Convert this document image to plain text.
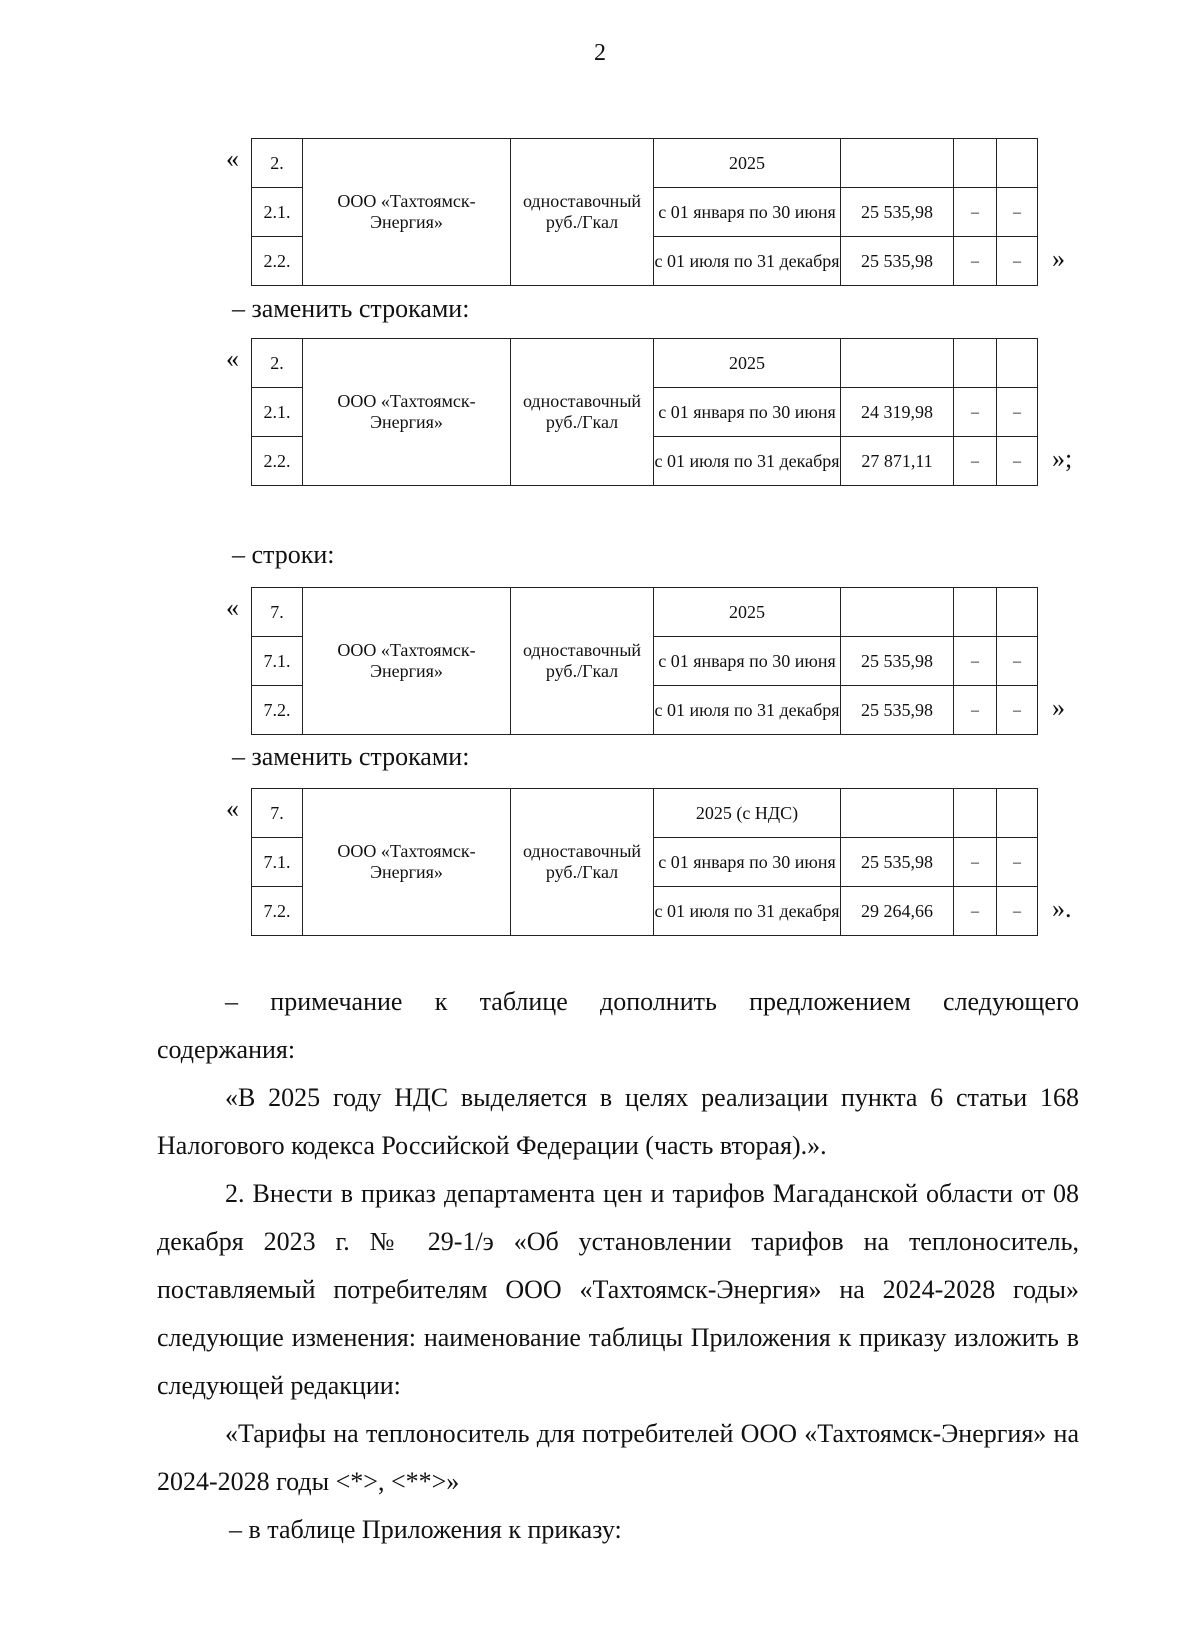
2
« 2.	ООО «Тахтоямск-Энергия»	одноставочный руб./Гкал	2025			
2.1.			с 01 января по 30 июня	25 535,98	–	–
2.2.			с 01 июля по 31 декабря	25 535,98	–	– »
– заменить строками:
« 2.	ООО «Тахтоямск-Энергия»	одноставочный руб./Гкал	2025			
2.1.			с 01 января по 30 июня	24 319,98	–	–
2.2.			с 01 июля по 31 декабря	27 871,11	–	– »;
– строки:
« 7.	ООО «Тахтоямск-Энергия»	одноставочный руб./Гкал	2025			
7.1.			с 01 января по 30 июня	25 535,98	–	–
7.2.			с 01 июля по 31 декабря	25 535,98	–	– »
– заменить строками:
« 7.	ООО «Тахтоямск-Энергия»	одноставочный руб./Гкал	2025 (с НДС)			
7.1.			с 01 января по 30 июня	25 535,98	–	–
7.2.			с 01 июля по 31 декабря	29 264,66	–	– ».
– примечание к таблице дополнить предложением следующего
содержания:
«В 2025 году НДС выделяется в целях реализации пункта 6 статьи 168 Налогового кодекса Российской Федерации (часть вторая).».
2. Внести в приказ департамента цен и тарифов Магаданской области от 08 декабря 2023 г. № 29-1/э «Об установлении тарифов на теплоноситель, поставляемый потребителям ООО «Тахтоямск-Энергия» на 2024-2028 годы» следующие изменения: наименование таблицы Приложения к приказу изложить в следующей редакции:
«Тарифы на теплоноситель для потребителей ООО «Тахтоямск-Энергия» на 2024-2028 годы <*>, <**>»
– в таблице Приложения к приказу:
